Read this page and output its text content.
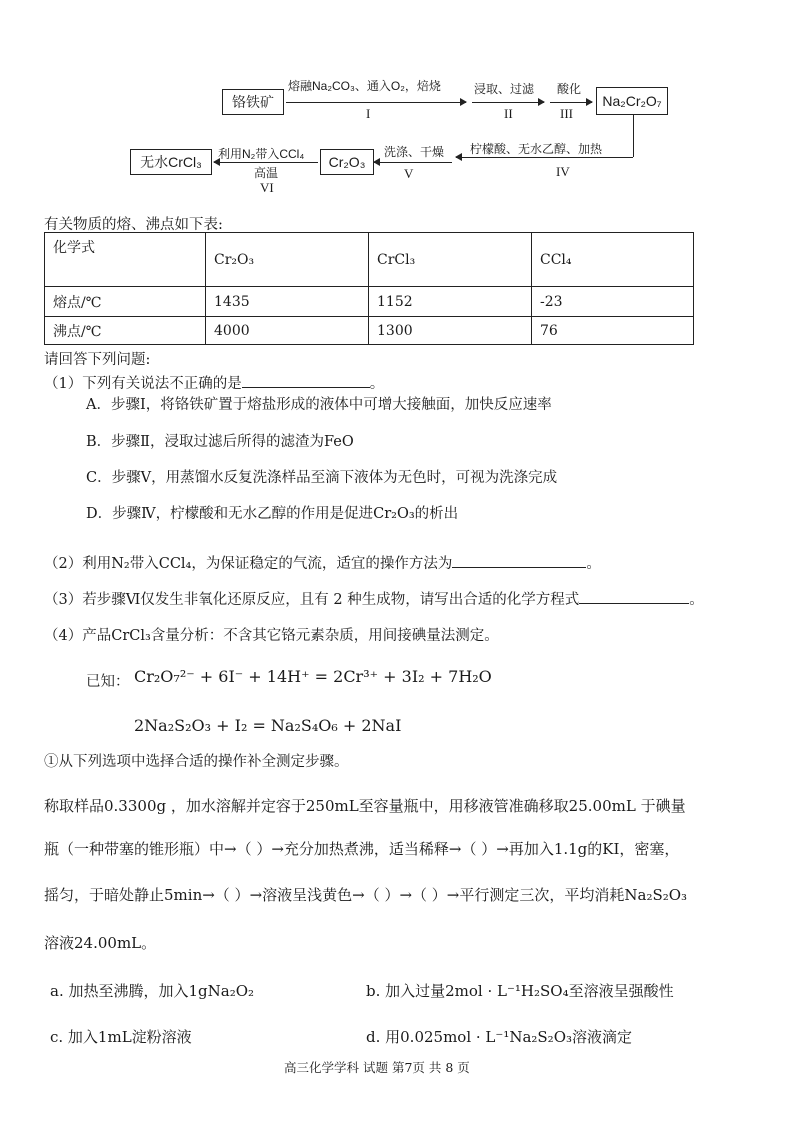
铬铁矿
熔融Na₂CO₃、通入O₂，焙烧
I
浸取、过滤
II
酸化
III
Na₂Cr₂O₇
柠檬酸、无水乙醇、加热
IV
洗涤、干燥
V
Cr₂O₃
利用N₂带入CCl₄
高温
VI
无水CrCl₃
有关物质的熔、沸点如下表:
化学式	Cr₂O₃	CrCl₃	CCl₄
熔点/℃	1435	1152	-23
沸点/℃	4000	1300	76
请回答下列问题:
（1）下列有关说法不正确的是	。
A．步骤Ⅰ，将铬铁矿置于熔盐形成的液体中可增大接触面，加快反应速率
B．步骤Ⅱ，浸取过滤后所得的滤渣为FeO
C．步骤Ⅴ，用蒸馏水反复洗涤样品至滴下液体为无色时，可视为洗涤完成
D．步骤Ⅳ，柠檬酸和无水乙醇的作用是促进Cr₂O₃的析出
（2）利用N₂带入CCl₄，为保证稳定的气流，适宜的操作方法为	。
（3）若步骤Ⅵ仅发生非氧化还原反应，且有 2 种生成物，请写出合适的化学方程式	。
（4）产品CrCl₃含量分析：不含其它铬元素杂质，用间接碘量法测定。
已知： Cr₂O₇²⁻ + 6I⁻ + 14H⁺ = 2Cr³⁺ + 3I₂ + 7H₂O
2Na₂S₂O₃ + I₂ = Na₂S₄O₆ + 2NaI
①从下列选项中选择合适的操作补全测定步骤。
称取样品0.3300g ，加水溶解并定容于250mL至容量瓶中，用移液管准确移取25.00mL 于碘量
瓶（一种带塞的锥形瓶）中→（ ）→充分加热煮沸，适当稀释→（ ）→再加入1.1g的KI，密塞，
摇匀，于暗处静止5min→（ ）→溶液呈浅黄色→（ ）→（ ）→平行测定三次，平均消耗Na₂S₂O₃
溶液24.00mL。
a. 加热至沸腾，加入1gNa₂O₂	b. 加入过量2mol · L⁻¹H₂SO₄至溶液呈强酸性
c. 加入1mL淀粉溶液	d. 用0.025mol · L⁻¹Na₂S₂O₃溶液滴定
高三化学学科 试题 第7页 共 8 页
